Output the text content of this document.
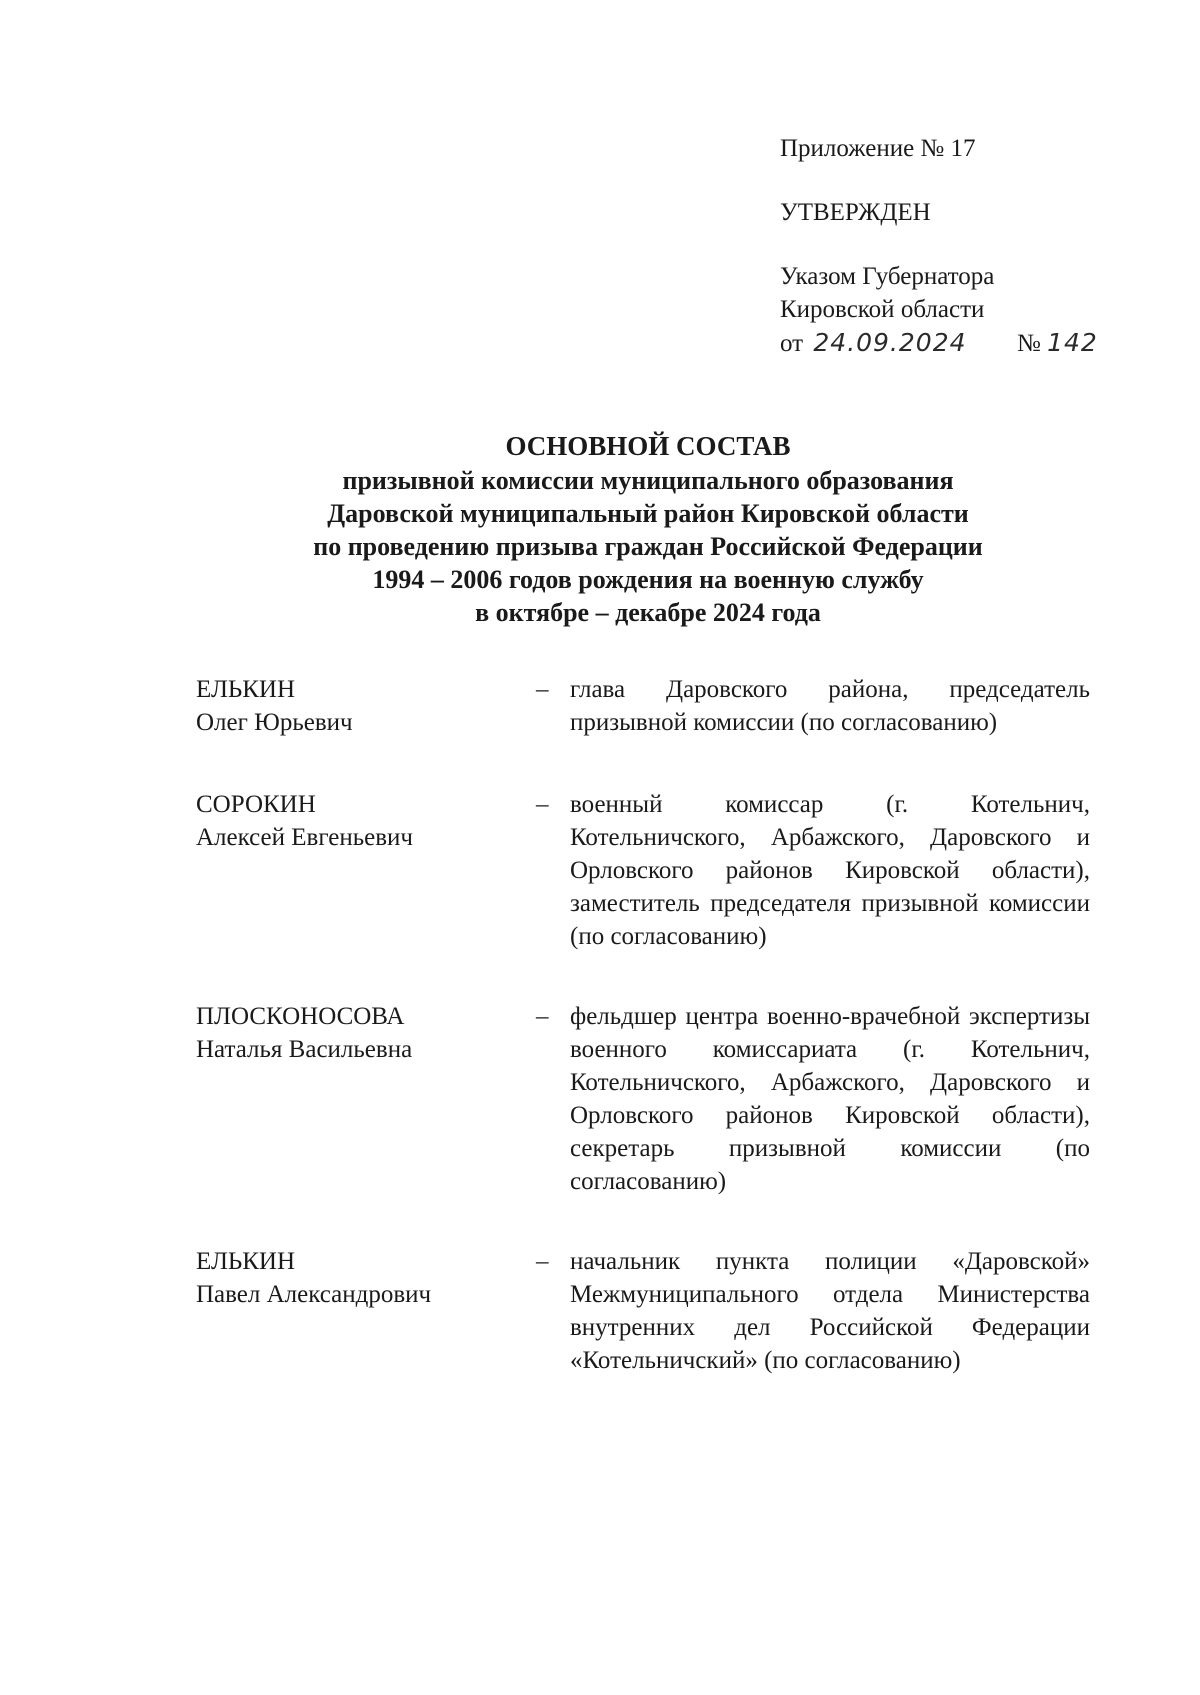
Приложение № 17
УТВЕРЖДЕН
Указом Губернатора
Кировской области
от 24.09.2024 № 142
ОСНОВНОЙ СОСТАВ
призывной комиссии муниципального образования
Даровской муниципальный район Кировской области
по проведению призыва граждан Российской Федерации
1994 – 2006 годов рождения на военную службу
в октябре – декабре 2024 года
ЕЛЬКИН
Олег Юрьевич
– глава Даровского района, председатель призывной комиссии (по согласованию)
СОРОКИН
Алексей Евгеньевич
– военный комиссар (г. Котельнич, Котельничского, Арбажского, Даровского и Орловского районов Кировской области), заместитель председателя призывной комиссии (по согласованию)
ПЛОСКОНОСОВА
Наталья Васильевна
– фельдшер центра военно-врачебной экспертизы военного комиссариата (г. Котельнич, Котельничского, Арбажского, Даровского и Орловского районов Кировской области), секретарь призывной комиссии (по согласованию)
ЕЛЬКИН
Павел Александрович
– начальник пункта полиции «Даровской» Межмуниципального отдела Министерства внутренних дел Российской Федерации «Котельничский» (по согласованию)
